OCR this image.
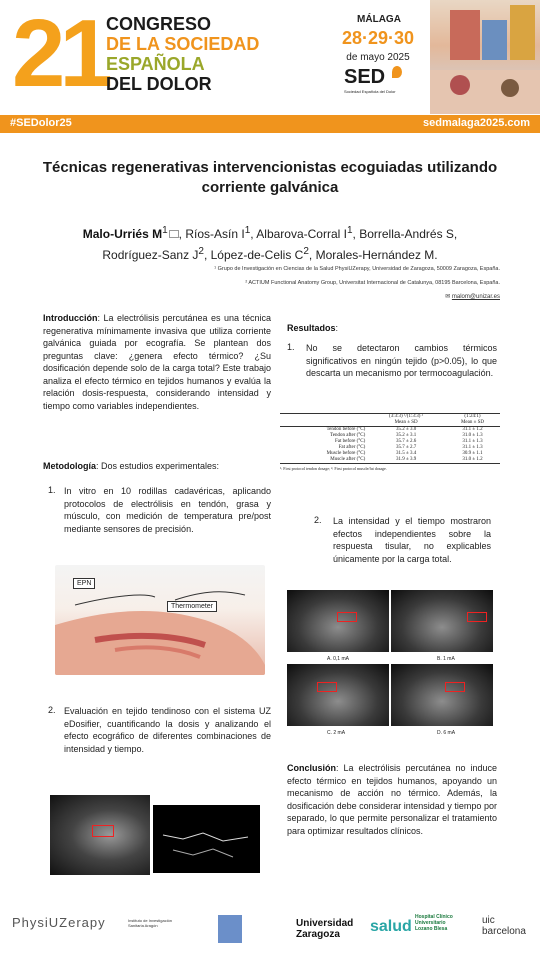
21 CONGRESO
DE LA SOCIEDAD
ESPAÑOLA
DEL DOLOR
MÁLAGA
28·29·30
de mayo 2025
SED
Sociedad Española del Dolor
#SEDolor25	sedmalaga2025.com
Técnicas regenerativas intervencionistas ecoguiadas utilizando corriente galvánica
Malo-Urriés $M^1$ , Ríos-Asín $I^1$, Albarova-Corral $I^1$, Borrella-Andrés S,
Rodríguez-Sanz $J^2$, López-de-Celis $C^2$, Morales-Hernández M.
¹ Grupo de Investigación en Ciencias de la Salud PhysiUZerapy, Universidad de Zaragoza, 50009 Zaragoza, España.
² ACTIUM Functional Anatomy Group, Universitat Internacional de Catalunya, 08195 Barcelona, España.
✉ malom@unizar.es
Introducción: La electrólisis percutánea es una técnica regenerativa mínimamente invasiva que utiliza corriente galvánica guiada por ecografía. Se plantean dos preguntas clave: ¿genera efecto térmico? ¿Su dosificación depende solo de la carga total? Este trabajo analiza el efecto térmico en tejidos humanos y evalúa la relación dosis-respuesta, considerando intensidad y tiempo como variables independientes.
Metodología: Dos estudios experimentales:
1. In vitro en 10 rodillas cadavéricas, aplicando protocolos de electrólisis en tendón, grasa y músculo, con medición de temperatura pre/post mediante sensores de precisión.
EPN
Thermometer
2. Evaluación en tejido tendinoso con el sistema UZ eDosifier, cuantificando la dosis y analizando el efecto ecográfico de diferentes combinaciones de intensidad y tiempo.
Resultados:
1. No se detectaron cambios térmicos significativos en ningún tejido (p>0.05), lo que descarta un mecanismo por termocoagulación.
	(3:3:3) ¹/(1:3:3) ²	(1:24:1)
	Mean ± SD	Mean ± SD
Tendon before (°C)	35.2 ± 3.0	31.1 ± 1.2
Tendon after (°C)	35.2 ± 3.1	31.0 ± 1.3
Fat before (°C)	35.7 ± 2.6	31.1 ± 1.3
Fat after (°C)	35.7 ± 2.7	31.1 ± 1.3
Muscle before (°C)	31.5 ± 3.4	30.9 ± 1.1
Muscle after (°C)	31.9 ± 3.9	31.0 ± 1.2
¹: First protocol tendon dosage; ²: First protocol muscle/fat dosage.
2. La intensidad y el tiempo mostraron efectos independientes sobre la respuesta tisular, no explicables únicamente por la carga total.
A. 0,1 mA	B. 1 mA
C. 2 mA	D. 6 mA
Conclusión: La electrólisis percutánea no induce efecto térmico en tejidos humanos, apoyando un mecanismo de acción no térmico. Además, la dosificación debe considerar intensidad y tiempo por separado, lo que permite personalizar el tratamiento para optimizar resultados clínicos.
PhysiUZerapy	Instituto de Investigación Sanitaria Aragón	Universidad Zaragoza	salud
Hospital Clínico Universitario Lozano Blesa
uic barcelona
